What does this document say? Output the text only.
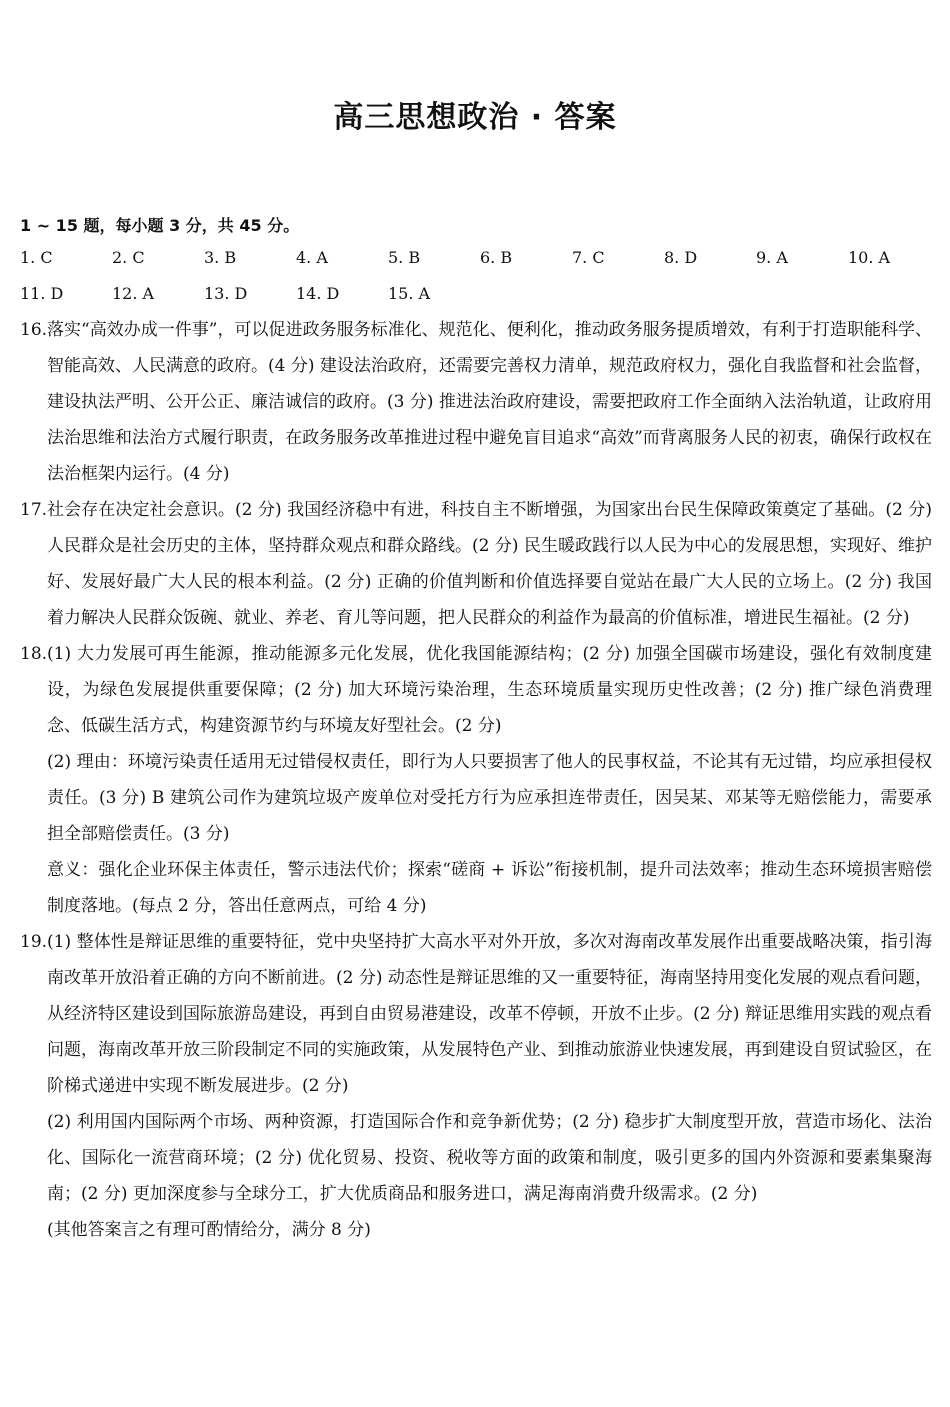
高三思想政治 · 答案
1 ~ 15 题，每小题 3 分，共 45 分。
1. C	2. C	3. B	4. A	5. B	6. B	7. C	8. D	9. A	10. A
11. D	12. A	13. D	14. D	15. A
16. 落实“高效办成一件事”，可以促进政务服务标准化、规范化、便利化，推动政务服务提质增效，有利于打造职能科学、智能高效、人民满意的政府。(4 分) 建设法治政府，还需要完善权力清单，规范政府权力，强化自我监督和社会监督，建设执法严明、公开公正、廉洁诚信的政府。(3 分) 推进法治政府建设，需要把政府工作全面纳入法治轨道，让政府用法治思维和法治方式履行职责，在政务服务改革推进过程中避免盲目追求“高效”而背离服务人民的初衷，确保行政权在法治框架内运行。(4 分)

17. 社会存在决定社会意识。(2 分) 我国经济稳中有进，科技自主不断增强，为国家出台民生保障政策奠定了基础。(2 分) 人民群众是社会历史的主体，坚持群众观点和群众路线。(2 分) 民生暖政践行以人民为中心的发展思想，实现好、维护好、发展好最广大人民的根本利益。(2 分) 正确的价值判断和价值选择要自觉站在最广大人民的立场上。(2 分) 我国着力解决人民群众饭碗、就业、养老、育儿等问题，把人民群众的利益作为最高的价值标准，增进民生福祉。(2 分)

18. (1) 大力发展可再生能源，推动能源多元化发展，优化我国能源结构；(2 分) 加强全国碳市场建设，强化有效制度建设，为绿色发展提供重要保障；(2 分) 加大环境污染治理，生态环境质量实现历史性改善；(2 分) 推广绿色消费理念、低碳生活方式，构建资源节约与环境友好型社会。(2 分)

(2) 理由：环境污染责任适用无过错侵权责任，即行为人只要损害了他人的民事权益，不论其有无过错，均应承担侵权责任。(3 分) B 建筑公司作为建筑垃圾产废单位对受托方行为应承担连带责任，因吴某、邓某等无赔偿能力，需要承担全部赔偿责任。(3 分)

意义：强化企业环保主体责任，警示违法代价；探索“磋商 + 诉讼”衔接机制，提升司法效率；推动生态环境损害赔偿制度落地。(每点 2 分，答出任意两点，可给 4 分)

19. (1) 整体性是辩证思维的重要特征，党中央坚持扩大高水平对外开放，多次对海南改革发展作出重要战略决策，指引海南改革开放沿着正确的方向不断前进。(2 分) 动态性是辩证思维的又一重要特征，海南坚持用变化发展的观点看问题，从经济特区建设到国际旅游岛建设，再到自由贸易港建设，改革不停顿，开放不止步。(2 分) 辩证思维用实践的观点看问题，海南改革开放三阶段制定不同的实施政策，从发展特色产业、到推动旅游业快速发展，再到建设自贸试验区，在阶梯式递进中实现不断发展进步。(2 分)

(2) 利用国内国际两个市场、两种资源，打造国际合作和竞争新优势；(2 分) 稳步扩大制度型开放，营造市场化、法治化、国际化一流营商环境；(2 分) 优化贸易、投资、税收等方面的政策和制度，吸引更多的国内外资源和要素集聚海南；(2 分) 更加深度参与全球分工，扩大优质商品和服务进口，满足海南消费升级需求。(2 分)

(其他答案言之有理可酌情给分，满分 8 分)
